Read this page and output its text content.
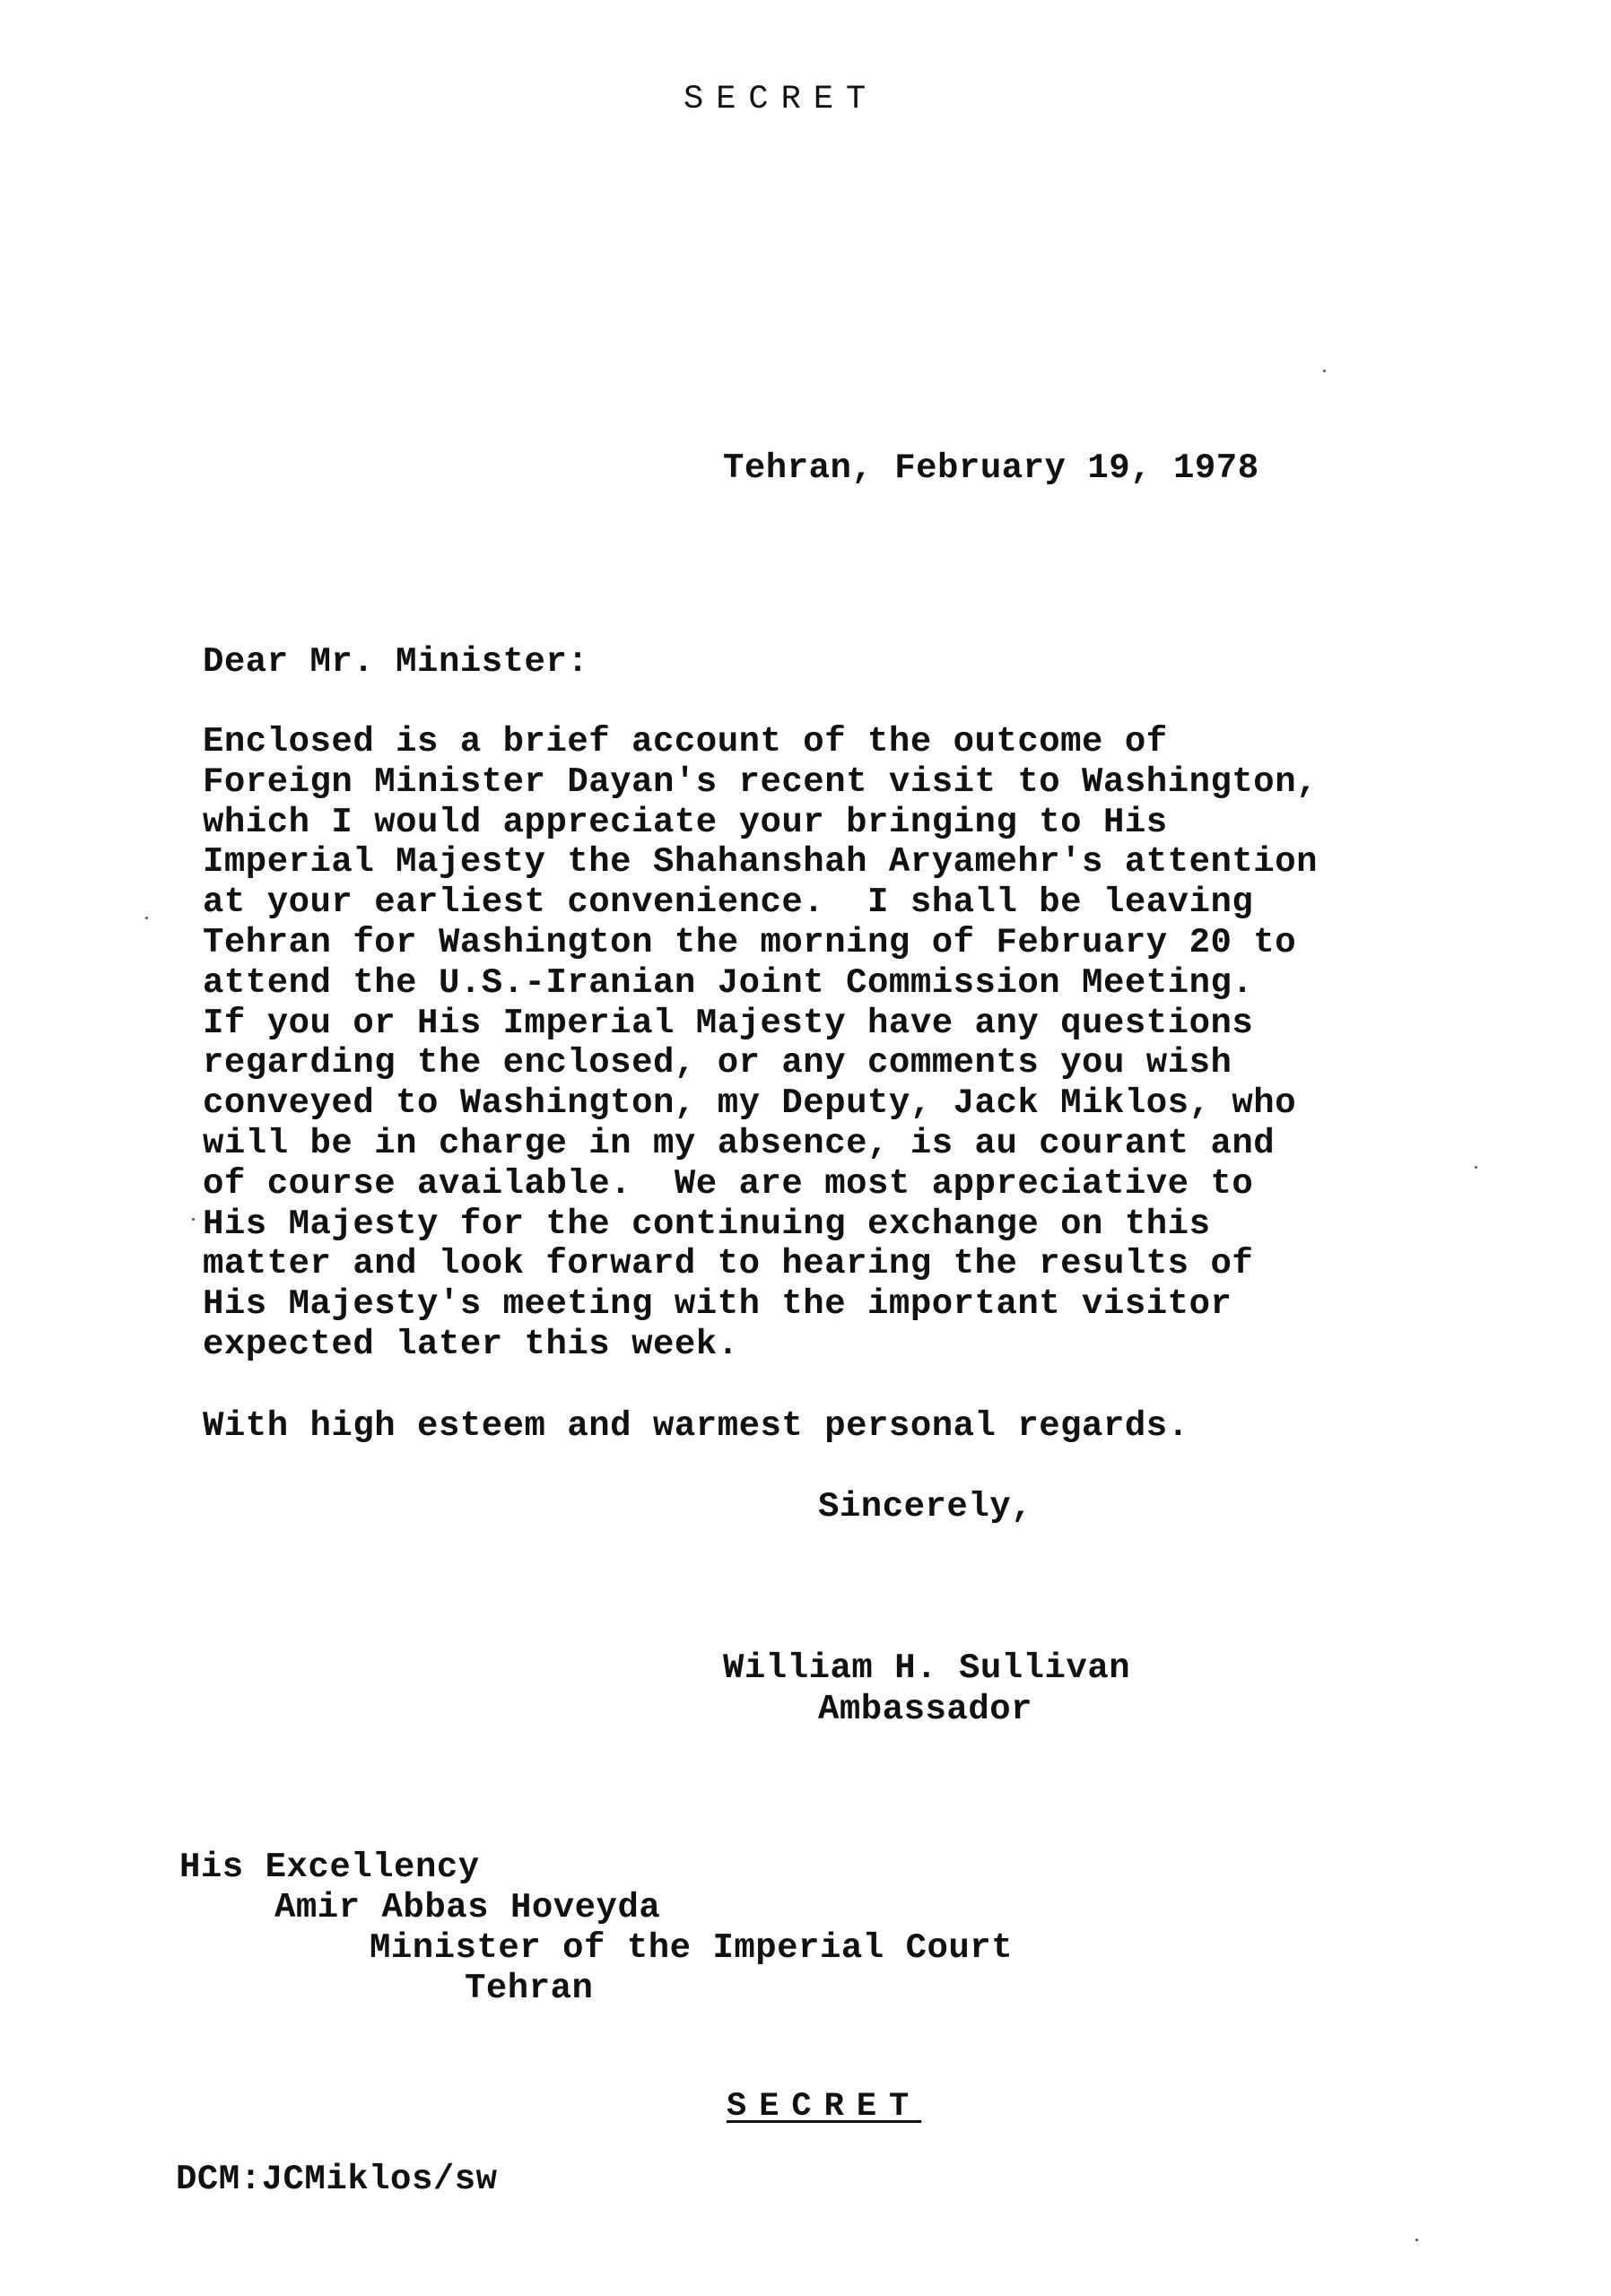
SECRET
Tehran, February 19, 1978
Dear Mr. Minister:
Enclosed is a brief account of the outcome of
Foreign Minister Dayan's recent visit to Washington,
which I would appreciate your bringing to His
Imperial Majesty the Shahanshah Aryamehr's attention
at your earliest convenience.  I shall be leaving
Tehran for Washington the morning of February 20 to
attend the U.S.-Iranian Joint Commission Meeting.
If you or His Imperial Majesty have any questions
regarding the enclosed, or any comments you wish
conveyed to Washington, my Deputy, Jack Miklos, who
will be in charge in my absence, is au courant and
of course available.  We are most appreciative to
His Majesty for the continuing exchange on this
matter and look forward to hearing the results of
His Majesty's meeting with the important visitor
expected later this week.
With high esteem and warmest personal regards.
Sincerely,
William H. Sullivan
Ambassador
His Excellency
Amir Abbas Hoveyda
Minister of the Imperial Court
Tehran
SECRET
DCM:JCMiklos/sw
